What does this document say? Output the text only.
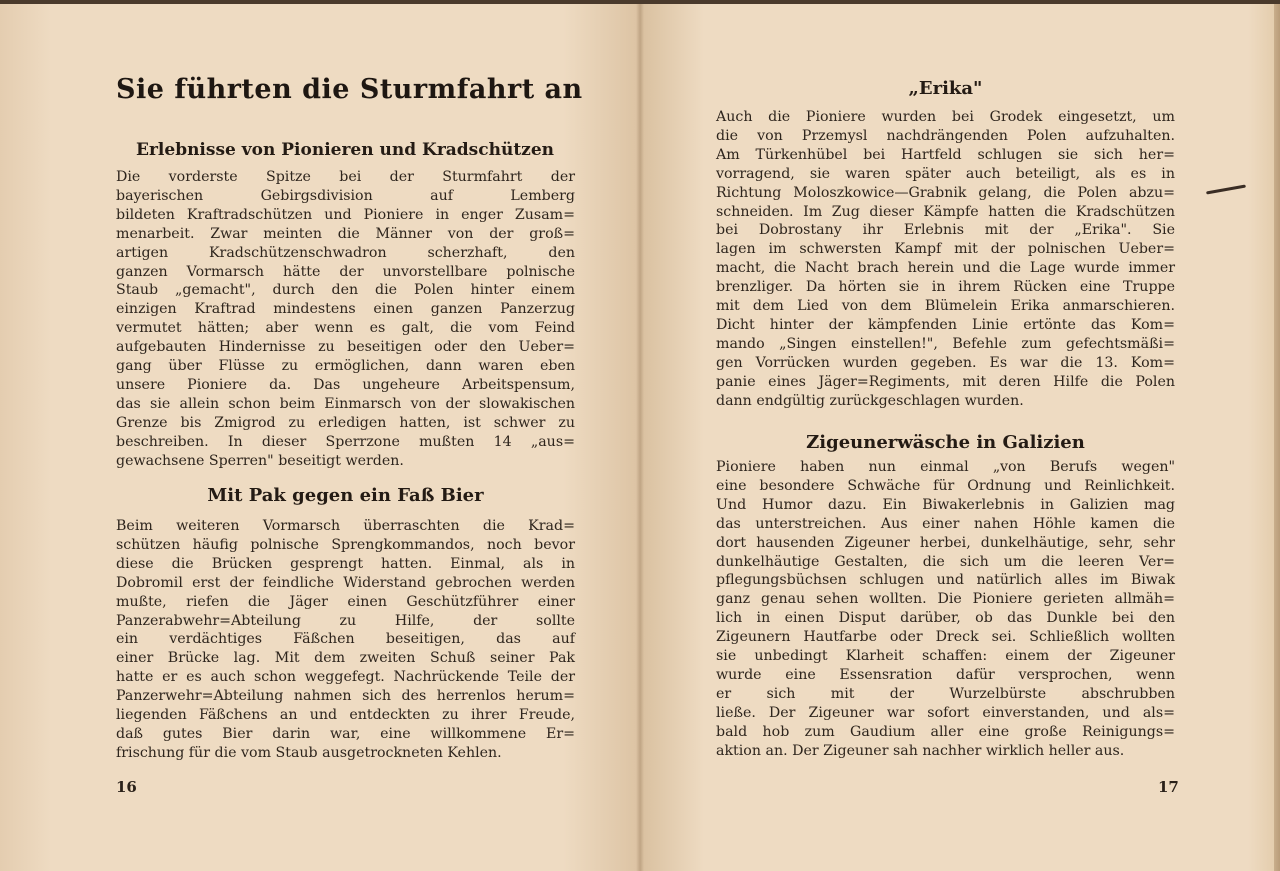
Sie führten die Sturmfahrt an
Erlebnisse von Pionieren und Kradschützen
Die vorderste Spitze bei der Sturmfahrt der
bayerischen Gebirgsdivision auf Lemberg
bildeten Kraftradschützen und Pioniere in enger Zusam=
menarbeit. Zwar meinten die Männer von der groß=
artigen Kradschützenschwadron scherzhaft, den
ganzen Vormarsch hätte der unvorstellbare polnische
Staub „gemacht", durch den die Polen hinter einem
einzigen Kraftrad mindestens einen ganzen Panzerzug
vermutet hätten; aber wenn es galt, die vom Feind
aufgebauten Hindernisse zu beseitigen oder den Ueber=
gang über Flüsse zu ermöglichen, dann waren eben
unsere Pioniere da. Das ungeheure Arbeitspensum,
das sie allein schon beim Einmarsch von der slowakischen
Grenze bis Zmigrod zu erledigen hatten, ist schwer zu
beschreiben. In dieser Sperrzone mußten 14 „aus=
gewachsene Sperren" beseitigt werden.
Mit Pak gegen ein Faß Bier
Beim weiteren Vormarsch überraschten die Krad=
schützen häufig polnische Sprengkommandos, noch bevor
diese die Brücken gesprengt hatten. Einmal, als in
Dobromil erst der feindliche Widerstand gebrochen werden
mußte, riefen die Jäger einen Geschützführer einer
Panzerabwehr=Abteilung zu Hilfe, der sollte
ein verdächtiges Fäßchen beseitigen, das auf
einer Brücke lag. Mit dem zweiten Schuß seiner Pak
hatte er es auch schon weggefegt. Nachrückende Teile der
Panzerwehr=Abteilung nahmen sich des herrenlos herum=
liegenden Fäßchens an und entdeckten zu ihrer Freude,
daß gutes Bier darin war, eine willkommene Er=
frischung für die vom Staub ausgetrockneten Kehlen.
16
„Erika"
Auch die Pioniere wurden bei Grodek eingesetzt, um
die von Przemysl nachdrängenden Polen aufzuhalten.
Am Türkenhübel bei Hartfeld schlugen sie sich her=
vorragend, sie waren später auch beteiligt, als es in
Richtung Moloszkowice—Grabnik gelang, die Polen abzu=
schneiden. Im Zug dieser Kämpfe hatten die Kradschützen
bei Dobrostany ihr Erlebnis mit der „Erika". Sie
lagen im schwersten Kampf mit der polnischen Ueber=
macht, die Nacht brach herein und die Lage wurde immer
brenzliger. Da hörten sie in ihrem Rücken eine Truppe
mit dem Lied von dem Blümelein Erika anmarschieren.
Dicht hinter der kämpfenden Linie ertönte das Kom=
mando „Singen einstellen!", Befehle zum gefechtsmäßi=
gen Vorrücken wurden gegeben. Es war die 13. Kom=
panie eines Jäger=Regiments, mit deren Hilfe die Polen
dann endgültig zurückgeschlagen wurden.
Zigeunerwäsche in Galizien
Pioniere haben nun einmal „von Berufs wegen"
eine besondere Schwäche für Ordnung und Reinlichkeit.
Und Humor dazu. Ein Biwakerlebnis in Galizien mag
das unterstreichen. Aus einer nahen Höhle kamen die
dort hausenden Zigeuner herbei, dunkelhäutige, sehr, sehr
dunkelhäutige Gestalten, die sich um die leeren Ver=
pflegungsbüchsen schlugen und natürlich alles im Biwak
ganz genau sehen wollten. Die Pioniere gerieten allmäh=
lich in einen Disput darüber, ob das Dunkle bei den
Zigeunern Hautfarbe oder Dreck sei. Schließlich wollten
sie unbedingt Klarheit schaffen: einem der Zigeuner
wurde eine Essensration dafür versprochen, wenn
er sich mit der Wurzelbürste abschrubben
ließe. Der Zigeuner war sofort einverstanden, und als=
bald hob zum Gaudium aller eine große Reinigungs=
aktion an. Der Zigeuner sah nachher wirklich heller aus.
17
